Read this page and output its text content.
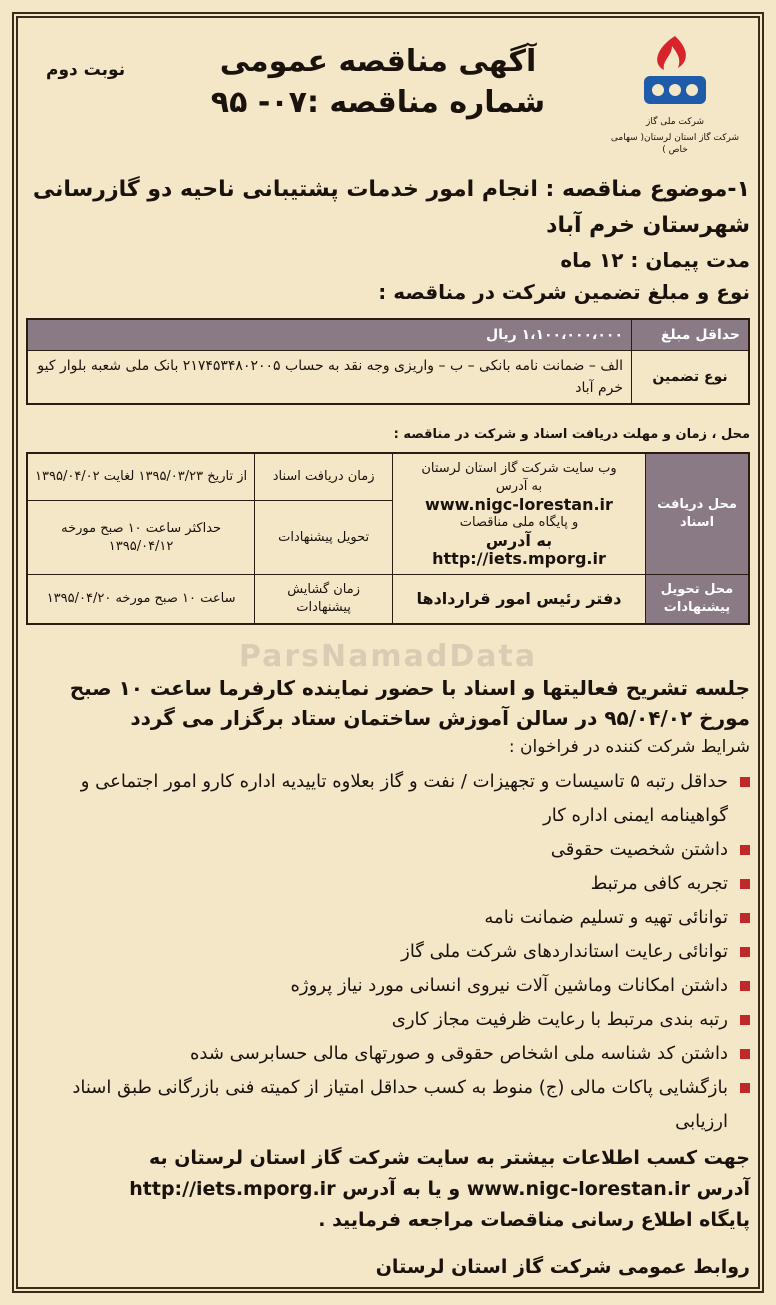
شرکت ملی گاز
شرکت گاز استان لرستان( سهامی خاص )
آگهی مناقصه عمومی
شماره مناقصه :۰۷- ۹۵
نوبت دوم
۱-موضوع مناقصه : انجام امور خدمات پشتیبانی ناحیه دو گازرسانی شهرستان خرم آباد
مدت پیمان : ۱۲ ماه
نوع و مبلغ تضمین شرکت در مناقصه :
حداقل مبلغ	۱،۱۰۰،۰۰۰،۰۰۰ ریال
نوع تضمین	الف – ضمانت نامه بانکی – ب – واریزی وجه نقد به حساب ۲۱۷۴۵۳۴۸۰۲۰۰۵ بانک ملی شعبه بلوار کیو خرم آباد
محل ، زمان و مهلت دریافت اسناد و شرکت در مناقصه :
محل دریافت اسناد	وب سایت شرکت گاز استان لرستان
به آدرس
www.nigc-lorestan.ir
و پایگاه ملی مناقصات
به آدرس http://iets.mporg.ir	زمان دریافت اسناد	از تاریخ ۱۳۹۵/۰۳/۲۳ لغایت ۱۳۹۵/۰۴/۰۲
		تحویل پیشنهادات	حداکثر ساعت ۱۰ صبح مورخه ۱۳۹۵/۰۴/۱۲
محل تحویل پیشنهادات	دفتر رئیس امور قراردادها	زمان گشایش پیشنهادات	ساعت ۱۰ صبح مورخه ۱۳۹۵/۰۴/۲۰
ParsNamadData
جلسه تشریح فعالیتها و اسناد با حضور نماینده کارفرما ساعت ۱۰ صبح مورخ ۹۵/۰۴/۰۲ در سالن آموزش ساختمان ستاد برگزار می گردد
شرایط شرکت کننده در فراخوان :
حداقل رتبه ۵ تاسیسات و تجهیزات / نفت و گاز بعلاوه تاییدیه اداره کارو امور اجتماعی و گواهینامه ایمنی اداره کار
داشتن شخصیت حقوقی
تجربه کافی مرتبط
توانائی تهیه و تسلیم ضمانت نامه
توانائی رعایت استانداردهای شرکت ملی گاز
داشتن امکانات وماشین آلات نیروی انسانی مورد نیاز پروژه
رتبه بندی مرتبط با رعایت ظرفیت مجاز کاری
داشتن کد شناسه ملی اشخاص حقوقی و صورتهای مالی حسابرسی شده
بازگشایی پاکات مالی (ج) منوط به کسب حداقل امتیاز از کمیته فنی بازرگانی طبق اسناد ارزیابی
جهت کسب اطلاعات بیشتر به سایت شرکت گاز استان لرستان به
آدرس www.nigc-lorestan.ir و یا به آدرس http://iets.mporg.ir
پایگاه اطلاع رسانی مناقصات مراجعه فرمایید .
روابط عمومی شرکت گاز استان لرستان
